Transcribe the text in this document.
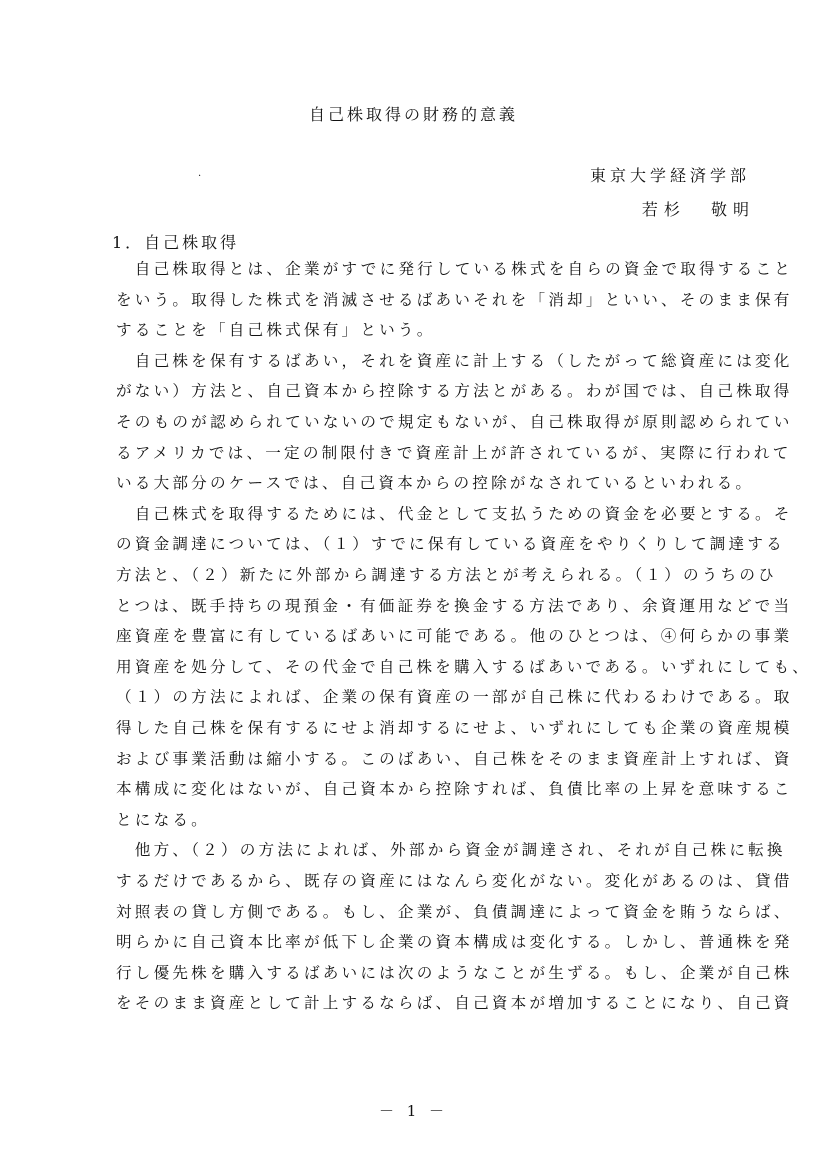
自己株取得の財務的意義
.	東京大学経済学部
若杉 敬明
1．自己株取得
　自己株取得とは、企業がすでに発行している株式を自らの資金で取得すること
をいう。取得した株式を消滅させるばあいそれを「消却」といい、そのまま保有
することを「自己株式保有」という。
　自己株を保有するばあい，それを資産に計上する（したがって総資産には変化
がない）方法と、自己資本から控除する方法とがある。わが国では、自己株取得
そのものが認められていないので規定もないが、自己株取得が原則認められてい
るアメリカでは、一定の制限付きで資産計上が許されているが、実際に行われて
いる大部分のケースでは、自己資本からの控除がなされているといわれる。
　自己株式を取得するためには、代金として支払うための資金を必要とする。そ
の資金調達については、（１）すでに保有している資産をやりくりして調達する
方法と、（２）新たに外部から調達する方法とが考えられる。（１）のうちのひ
とつは、既手持ちの現預金・有価証券を換金する方法であり、余資運用などで当
座資産を豊富に有しているばあいに可能である。他のひとつは、④何らかの事業
用資産を処分して、その代金で自己株を購入するばあいである。いずれにしても、
（１）の方法によれば、企業の保有資産の一部が自己株に代わるわけである。取
得した自己株を保有するにせよ消却するにせよ、いずれにしても企業の資産規模
および事業活動は縮小する。このばあい、自己株をそのまま資産計上すれば、資
本構成に変化はないが、自己資本から控除すれば、負債比率の上昇を意味するこ
とになる。
　他方、（２）の方法によれば、外部から資金が調達され、それが自己株に転換
するだけであるから、既存の資産にはなんら変化がない。変化があるのは、貸借
対照表の貸し方側である。もし、企業が、負債調達によって資金を賄うならば、
明らかに自己資本比率が低下し企業の資本構成は変化する。しかし、普通株を発
行し優先株を購入するばあいには次のようなことが生ずる。もし、企業が自己株
をそのまま資産として計上するならば、自己資本が増加することになり、自己資
－ 1 －
